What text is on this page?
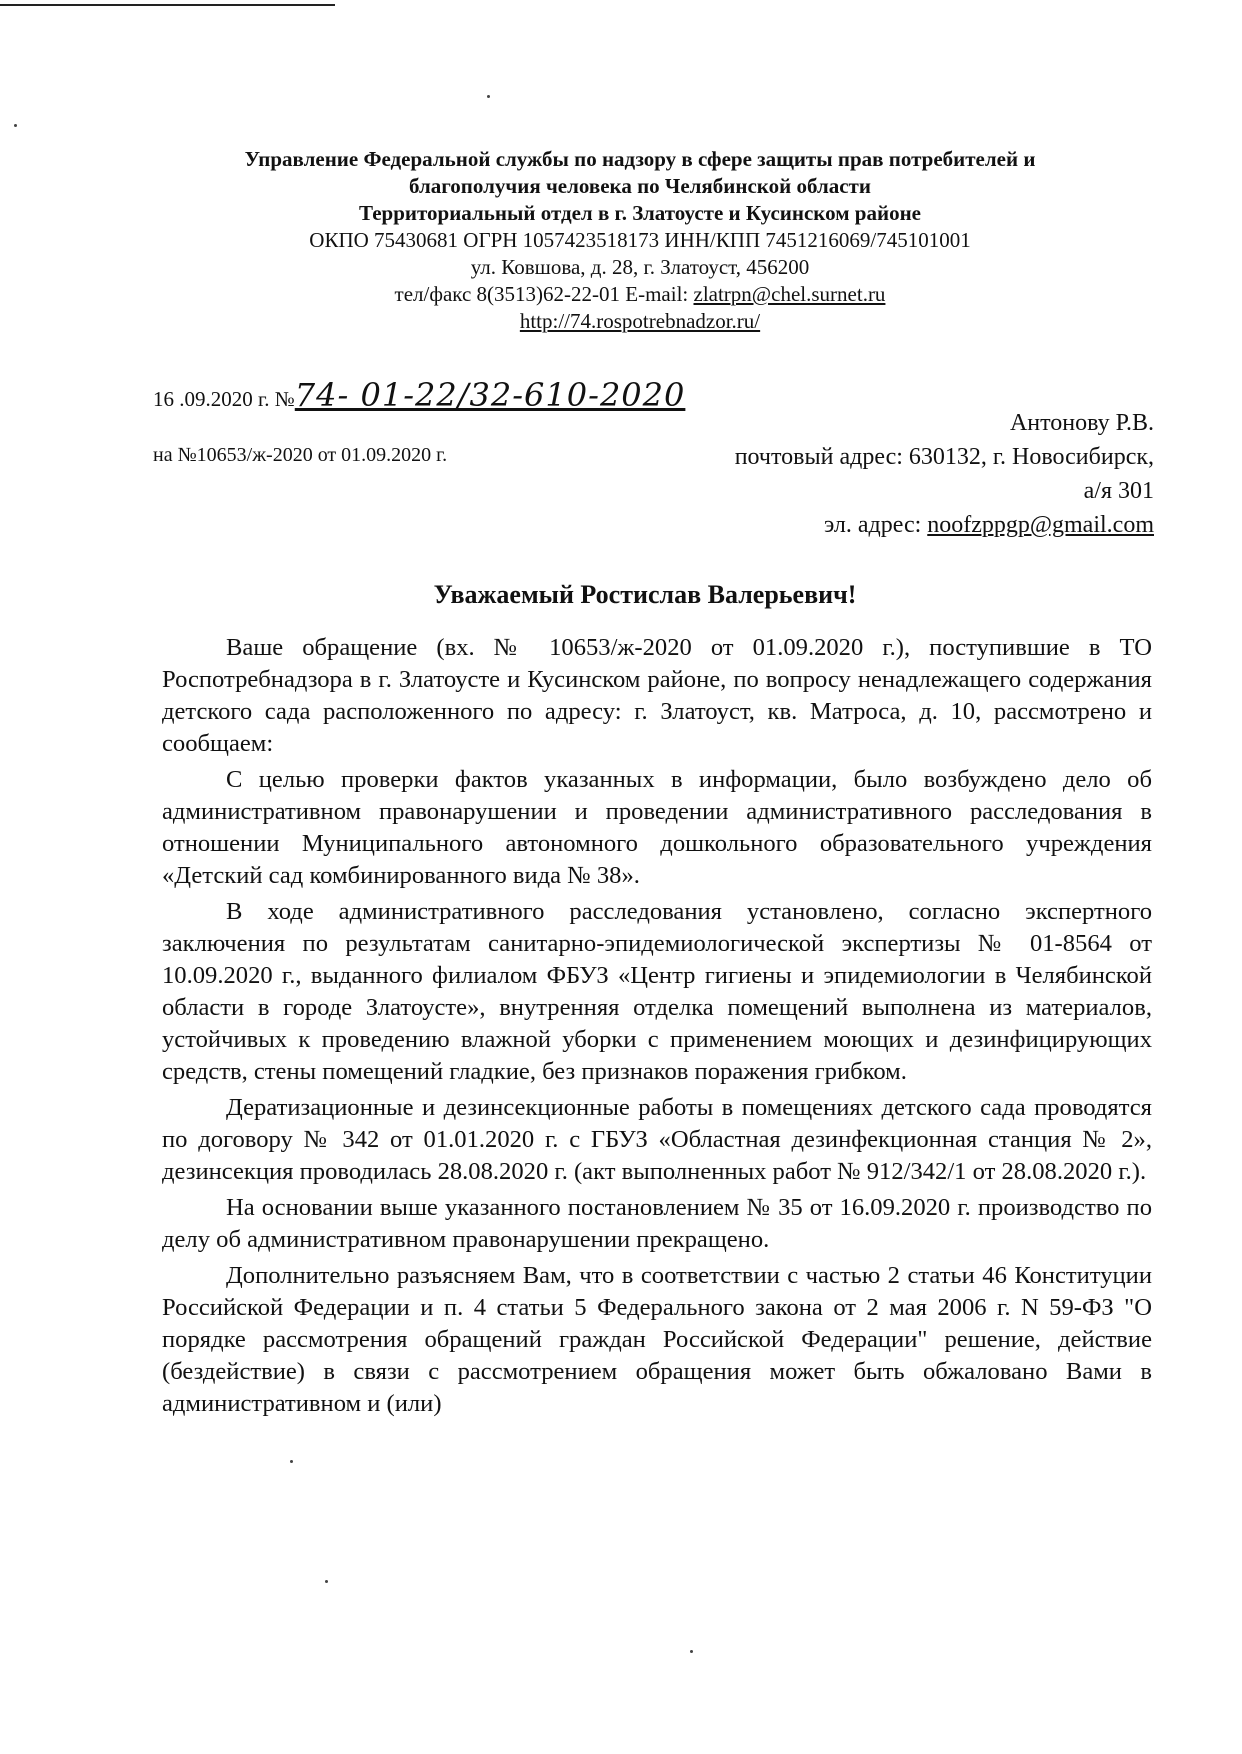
Управление Федеральной службы по надзору в сфере защиты прав потребителей и
благополучия человека по Челябинской области
Территориальный отдел в г. Златоусте и Кусинском районе
ОКПО 75430681 ОГРН 1057423518173 ИНН/КПП 7451216069/745101001
ул. Ковшова, д. 28, г. Златоуст, 456200
тел/факс 8(3513)62-22-01 E-mail: zlatrpn@chel.surnet.ru
http://74.rospotrebnadzor.ru/
16 .09.2020 г. №74- 01-22/32-610-2020
на №10653/ж-2020 от 01.09.2020 г.
Антонову Р.В.
почтовый адрес: 630132, г. Новосибирск,
а/я 301
эл. адрес: noofzppgp@gmail.com
Уважаемый Ростислав Валерьевич!

Ваше обращение (вх. № 10653/ж-2020 от 01.09.2020 г.), поступившие в ТО Роспотребнадзора в г. Златоусте и Кусинском районе, по вопросу ненадлежащего содержания детского сада расположенного по адресу: г. Златоуст, кв. Матроса, д. 10, рассмотрено и сообщаем:

С целью проверки фактов указанных в информации, было возбуждено дело об административном правонарушении и проведении административного расследования в отношении Муниципального автономного дошкольного образовательного учреждения «Детский сад комбинированного вида № 38».

В ходе административного расследования установлено, согласно экспертного заключения по результатам санитарно-эпидемиологической экспертизы № 01-8564 от 10.09.2020 г., выданного филиалом ФБУЗ «Центр гигиены и эпидемиологии в Челябинской области в городе Златоусте», внутренняя отделка помещений выполнена из материалов, устойчивых к проведению влажной уборки с применением моющих и дезинфицирующих средств, стены помещений гладкие, без признаков поражения грибком.

Дератизационные и дезинсекционные работы в помещениях детского сада проводятся по договору № 342 от 01.01.2020 г. с ГБУЗ «Областная дезинфекционная станция № 2», дезинсекция проводилась 28.08.2020 г. (акт выполненных работ № 912/342/1 от 28.08.2020 г.).

На основании выше указанного постановлением № 35 от 16.09.2020 г. производство по делу об административном правонарушении прекращено.

Дополнительно разъясняем Вам, что в соответствии с частью 2 статьи 46 Конституции Российской Федерации и п. 4 статьи 5 Федерального закона от 2 мая 2006 г. N 59-ФЗ "О порядке рассмотрения обращений граждан Российской Федерации" решение, действие (бездействие) в связи с рассмотрением обращения может быть обжаловано Вами в административном и (или)
